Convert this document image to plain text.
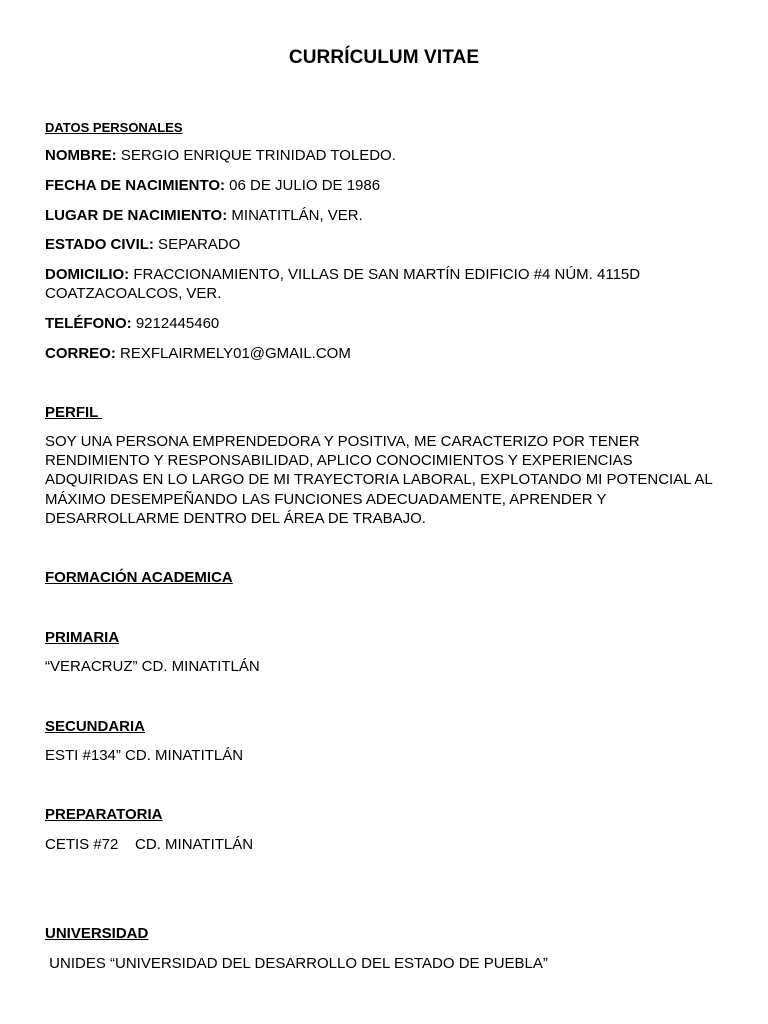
CURRÍCULUM VITAE
DATOS PERSONALES
NOMBRE: SERGIO ENRIQUE TRINIDAD TOLEDO.
FECHA DE NACIMIENTO: 06 DE JULIO DE 1986
LUGAR DE NACIMIENTO: MINATITLÁN, VER.
ESTADO CIVIL: SEPARADO
DOMICILIO: FRACCIONAMIENTO, VILLAS DE SAN MARTÍN EDIFICIO #4 NÚM. 4115D
COATZACOALCOS, VER.
TELÉFONO: 9212445460
CORREO: REXFLAIRMELY01@GMAIL.COM
PERFIL
SOY UNA PERSONA EMPRENDEDORA Y POSITIVA, ME CARACTERIZO POR TENER
RENDIMIENTO Y RESPONSABILIDAD, APLICO CONOCIMIENTOS Y EXPERIENCIAS
ADQUIRIDAS EN LO LARGO DE MI TRAYECTORIA LABORAL, EXPLOTANDO MI POTENCIAL AL
MÁXIMO DESEMPEÑANDO LAS FUNCIONES ADECUADAMENTE, APRENDER Y
DESARROLLARME DENTRO DEL ÁREA DE TRABAJO.
FORMACIÓN ACADEMICA
PRIMARIA
“VERACRUZ” CD. MINATITLÁN
SECUNDARIA
ESTI #134” CD. MINATITLÁN
PREPARATORIA
CETIS #72    CD. MINATITLÁN
UNIVERSIDAD
UNIDES “UNIVERSIDAD DEL DESARROLLO DEL ESTADO DE PUEBLA”
